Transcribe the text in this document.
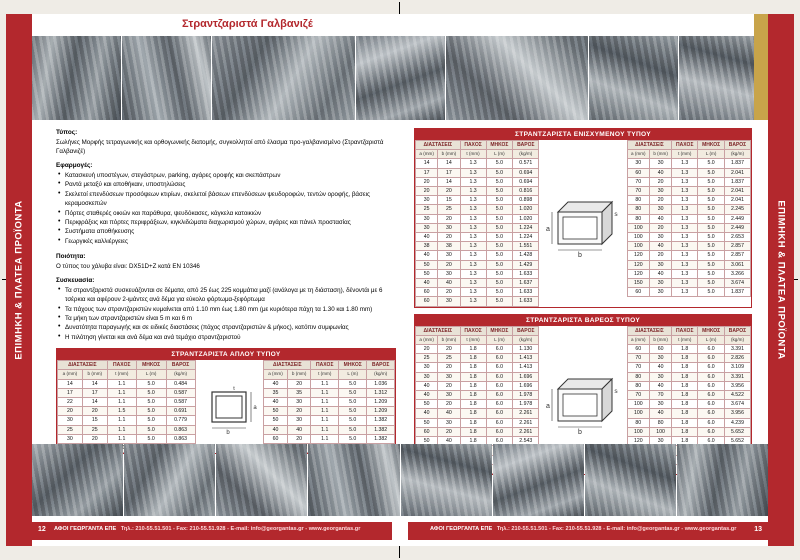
ΕΠΙΜΗΚΗ & ΠΛΑΤΕΑ ΠΡΟΪΟΝΤΑ	ΕΠΙΜΗΚΗ & ΠΛΑΤΕΑ ΠΡΟΪΟΝΤΑ
Στραντζαριστά Γαλβανιζέ
Τύπος:

Σωλήνες Μορφής τετραγωνικής και ορθογωνικής διατομής, συγκολλητοί από έλασμα προ-γαλβανισμένο (Στραντζαριστά Γαλβανιζέ)

Εφαρμογές:
• Κατασκευή υποστέγων, στεγάστρων, parking, αγάρες οροφής και σκεπάστρων
• Ραντά μεταξύ και αποθήκαιν, υποστηλώσεις
• Σκελετοί επενδύσεων προσόψεων κτιρίων, σκελετοί βάσεων επενδύσεων ψευδοροφών, τεντών οροφής, βάσεις κεραμοσκεπών
• Πόρτες σταθερές οικιών και παράθυρα, ψευδόκασες, κάγκελα κατοικιών
• Περιφράξεις και πόρτες περιφράξεων, κιγκλιδώματα διαχωρισμού χώρων, αγάρες και πάνελ προστασίας
• Συστήματα αποθήκευσης
• Γεωργικές καλλιέργειες
Ποιότητα:

Ο τύπος του χάλυβα είναι: DX51D+Z κατά ΕΝ 10346

Συσκευασία:
• Τα στραντζαριστά συσκευάζονται σε δέματα, από 25 έως 225 κομμάτια μαζί (ανάλογα με τη διάσταση), δένοντάι με 6 τσέρκια και αφέρουν 2-ιμάντες ανά δέμα για εύκολο φόρτωμα-ξεφόρτωμα
• Τα πάχους των στραντζαριστών κυμαίνεται από 1.10 mm έως 1.80 mm (με κυριότερα πάχη τα 1.30 και 1.80 mm)
• Τα μήκη των στραντζαριστών είναι 5 m και 6 m
• Δυνατότητα παραγωγής και σε ειδικές διαστάσεις (πάχος στραντζαριστών & μήκος), κατόπιν συμφωνίας
• Η πιλότηση γίνεται και ανά δέμα και ανά τεμάχιο στραντζαριστού
ΣΤΡΑΝΤΖΑΡΙΣΤΑ ΑΠΛΟΥ ΤΥΠΟΥ
ΔΙΑΣΤΑΣΕΙΣ		ΠΑΧΟΣ	ΜΗΚΟΣ	ΒΑΡΟΣ
a (mm)	b (mm)	t (mm)	L (m)	(kg/m)
14	14	1.1	5.0	0.484
17	17	1.1	5.0	0.587
22	14	1.1	5.0	0.587
20	20	1.5	5.0	0.691
30	15	1.1	5.0	0.779
25	25	1.1	5.0	0.863
30	20	1.1	5.0	0.863

b
a
t
ΔΙΑΣΤΑΣΕΙΣ		ΠΑΧΟΣ	ΜΗΚΟΣ	ΒΑΡΟΣ
a (mm)	b (mm)	t (mm)	L (m)	(kg/m)
40	20	1.1	5.0	1.036
35	35	1.1	5.0	1.312
40	30	1.1	5.0	1.209
50	20	1.1	5.0	1.209
50	30	1.1	5.0	1.382
40	40	1.1	5.0	1.382
60	20	1.1	5.0	1.382

ΣΤΡΑΝΤΖΑΡΙΣΤΑ ΕΝΙΣΧΥΜΕΝΟΥ ΤΥΠΟΥ
ΔΙΑΣΤΑΣΕΙΣ		ΠΑΧΟΣ	ΜΗΚΟΣ	ΒΑΡΟΣ
a (mm)	b (mm)	t (mm)	L (m)	(kg/m)
14	14	1.3	5.0	0.571
17	17	1.3	5.0	0.694
20	14	1.3	5.0	0.694
20	20	1.3	5.0	0.816
30	15	1.3	5.0	0.898
25	25	1.3	5.0	1.020
30	20	1.3	5.0	1.020
30	30	1.3	5.0	1.224
40	20	1.3	5.0	1.224
38	38	1.3	5.0	1.551
40	30	1.3	5.0	1.428
50	20	1.3	5.0	1.429
50	30	1.3	5.0	1.633
40	40	1.3	5.0	1.637
60	20	1.3	5.0	1.633
60	30	1.3	5.0	1.633
b
a
s
ΔΙΑΣΤΑΣΕΙΣ		ΠΑΧΟΣ	ΜΗΚΟΣ	ΒΑΡΟΣ
a (mm)	b (mm)	t (mm)	L (m)	(kg/m)
30	30	1.3	5.0	1.837
60	40	1.3	5.0	2.041
70	20	1.3	5.0	1.837
70	30	1.3	5.0	2.041
80	20	1.3	5.0	2.041
80	30	1.3	5.0	2.245
80	40	1.3	5.0	2.449
100	20	1.3	5.0	2.449
100	30	1.3	5.0	2.653
100	40	1.3	5.0	2.857
120	20	1.3	5.0	2.857
120	30	1.3	5.0	3.061
120	40	1.3	5.0	3.266
150	30	1.3	5.0	3.674
60	30	1.3	5.0	1.837
ΣΤΡΑΝΤΖΑΡΙΣΤΑ ΒΑΡΕΟΣ ΤΥΠΟΥ
ΔΙΑΣΤΑΣΕΙΣ		ΠΑΧΟΣ	ΜΗΚΟΣ	ΒΑΡΟΣ
a (mm)	b (mm)	t (mm)	L (m)	(kg/m)
20	20	1.8	6.0	1.130
25	25	1.8	6.0	1.413
30	20	1.8	6.0	1.413
30	30	1.8	6.0	1.696
40	20	1.8	6.0	1.696
40	30	1.8	6.0	1.978
50	20	1.8	6.0	1.978
40	40	1.8	6.0	2.261
50	30	1.8	6.0	2.261
60	20	1.8	6.0	2.261
50	40	1.8	6.0	2.543

b
a
s
ΔΙΑΣΤΑΣΕΙΣ		ΠΑΧΟΣ	ΜΗΚΟΣ	ΒΑΡΟΣ
a (mm)	b (mm)	t (mm)	L (m)	(kg/m)
60	60	1.8	6.0	3.391
70	30	1.8	6.0	2.826
70	40	1.8	6.0	3.109
80	30	1.8	6.0	3.391
80	40	1.8	6.0	3.956
70	70	1.8	6.0	4.522
100	30	1.8	6.0	3.674
100	40	1.8	6.0	3.956
80	80	1.8	6.0	4.239
100	100	1.8	6.0	5.652
120	30	1.8	6.0	5.652

12 ΑΦΟΙ ΓΕΩΡΓΑΝΤΑ ΕΠΕ Τηλ.: 210-55.51.501 - Fax: 210-55.51.928 - E-mail: info@georgantas.gr - www.georgantas.gr	13
ΑΦΟΙ ΓΕΩΡΓΑΝΤΑ ΕΠΕ Τηλ.: 210-55.51.501 - Fax: 210-55.51.928 - E-mail: info@georgantas.gr - www.georgantas.gr
